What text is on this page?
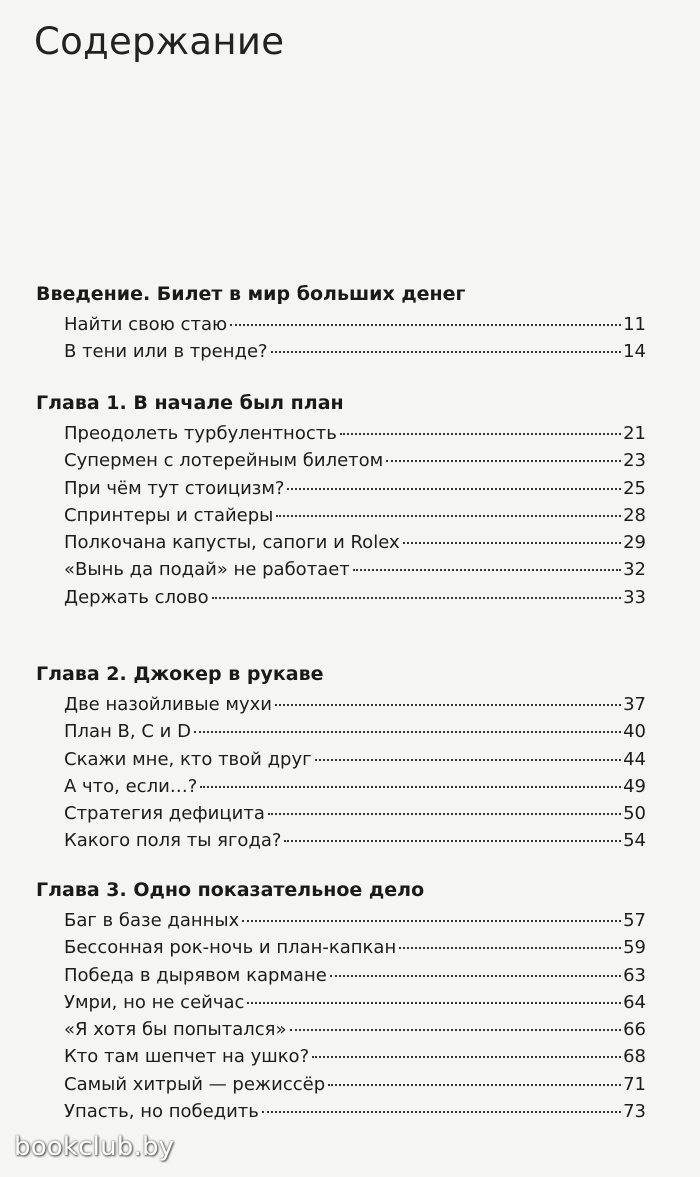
Содержание
Введение. Билет в мир больших денег
Найти свою стаю	11
В тени или в тренде?	14
Глава 1. В начале был план
Преодолеть турбулентность	21
Супермен с лотерейным билетом	23
При чём тут стоицизм?	25
Спринтеры и стайеры	28
Полкочана капусты, сапоги и Rolex	29
«Вынь да подай» не работает	32
Держать слово	33
Глава 2. Джокер в рукаве
Две назойливые мухи	37
План В, С и D	40
Скажи мне, кто твой друг	44
А что, если…?	49
Стратегия дефицита	50
Какого поля ты ягода?	54
Глава 3. Одно показательное дело
Баг в базе данных	57
Бессонная рок-ночь и план-капкан	59
Победа в дырявом кармане	63
Умри, но не сейчас	64
«Я хотя бы попытался»	66
Кто там шепчет на ушко?	68
Самый хитрый — режиссёр	71
Упасть, но победить	73
bookclub.by
